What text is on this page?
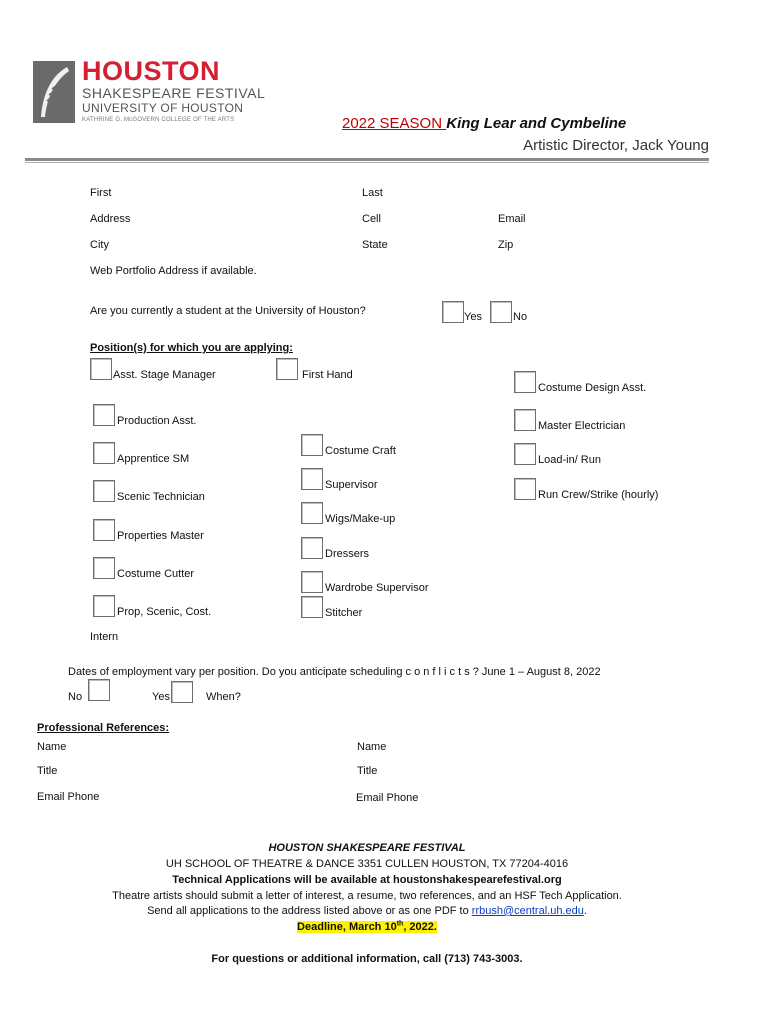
HOUSTON
SHAKESPEARE FESTIVAL
UNIVERSITY OF HOUSTON
KATHRINE G. McGOVERN COLLEGE OF THE ARTS	2022 SEASON King Lear and Cymbeline
Artistic Director, Jack Young
First	Last
Address	Cell	Email
City	State	Zip
Web Portfolio Address if available.
Are you currently a student at the University of Houston?	Yes	No
Position(s) for which you are applying:
Asst. Stage Manager
Production Asst.
Apprentice SM
Scenic Technician
Properties Master
Costume Cutter
Prop, Scenic, Cost.
Intern
First Hand
Costume Craft
Supervisor
Wigs/Make-up
Dressers
Wardrobe Supervisor
Stitcher
Costume Design Asst.
Master Electrician
Load-in/ Run
Run Crew/Strike (hourly)
Dates of employment vary per position. Do you anticipate scheduling c o n f l i c t s ? June 1 – August 8, 2022
No	Yes	When?
Professional References:
Name	Name
Title	Title
Email Phone	Email Phone
HOUSTON SHAKESPEARE FESTIVAL
UH SCHOOL OF THEATRE & DANCE 3351 CULLEN HOUSTON, TX 77204-4016
Technical Applications will be available at houstonshakespearefestival.org
Theatre artists should submit a letter of interest, a resume, two references, and an HSF Tech Application.
Send all applications to the address listed above or as one PDF to rrbush@central.uh.edu.
Deadline, March 10th, 2022.
For questions or additional information, call (713) 743-3003.
